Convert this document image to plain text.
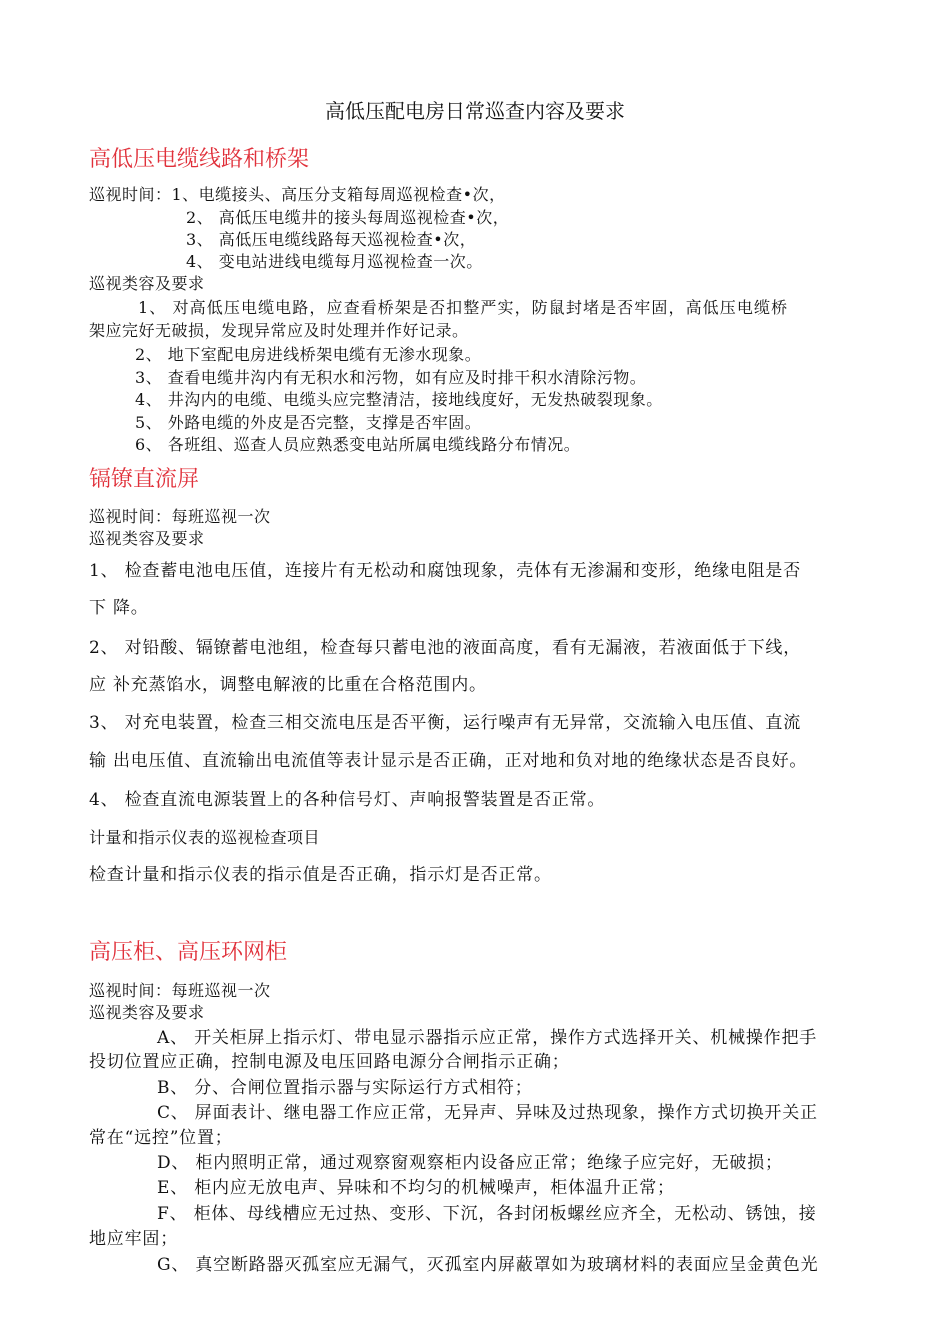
高低压配电房日常巡查内容及要求
高低压电缆线路和桥架
巡视时间：1、电缆接头、高压分支箱每周巡视检查•次，
2、 高低压电缆井的接头每周巡视检查•次，
3、 高低压电缆线路每天巡视检查•次，
4、 变电站进线电缆每月巡视检查一次。
巡视类容及要求
1、 对高低压电缆电路，应查看桥架是否扣整严实，防鼠封堵是否牢固，高低压电缆桥
架应完好无破损，发现异常应及时处理并作好记录。
2、 地下室配电房进线桥架电缆有无渗水现象。
3、 查看电缆井沟内有无积水和污物，如有应及时排干积水清除污物。
4、 井沟内的电缆、电缆头应完整清洁，接地线度好，无发热破裂现象。
5、 外路电缆的外皮是否完整，支撑是否牢固。
6、 各班组、巡查人员应熟悉变电站所属电缆线路分布情况。
镉镣直流屏
巡视时间：每班巡视一次
巡视类容及要求
1、 检查蓄电池电压值，连接片有无松动和腐蚀现象，壳体有无渗漏和变形，绝缘电阻是否
下 降。
2、 对铅酸、镉镣蓄电池组，检查每只蓄电池的液面高度，看有无漏液，若液面低于下线，
应 补充蒸馅水，调整电解液的比重在合格范围内。
3、 对充电装置，检查三相交流电压是否平衡，运行噪声有无异常，交流输入电压值、直流
输 出电压值、直流输出电流值等表计显示是否正确，正对地和负对地的绝缘状态是否良好。
4、 检查直流电源装置上的各种信号灯、声响报警装置是否正常。
计量和指示仪表的巡视检查项目
检查计量和指示仪表的指示值是否正确，指示灯是否正常。
高压柜、高压环网柜
巡视时间：每班巡视一次
巡视类容及要求
A、 开关柜屏上指示灯、带电显示器指示应正常，操作方式选择开关、机械操作把手
投切位置应正确，控制电源及电压回路电源分合闸指示正确；
B、 分、合闸位置指示器与实际运行方式相符；
C、 屏面表计、继电器工作应正常，无异声、异味及过热现象，操作方式切换开关正
常在“远控”位置；
D、 柜内照明正常，通过观察窗观察柜内设备应正常；绝缘子应完好，无破损；
E、 柜内应无放电声、异味和不均匀的机械噪声，柜体温升正常；
F、 柜体、母线槽应无过热、变形、下沉，各封闭板螺丝应齐全，无松动、锈蚀，接
地应牢固；
G、 真空断路器灭孤室应无漏气，灭孤室内屏蔽罩如为玻璃材料的表面应呈金黄色光
